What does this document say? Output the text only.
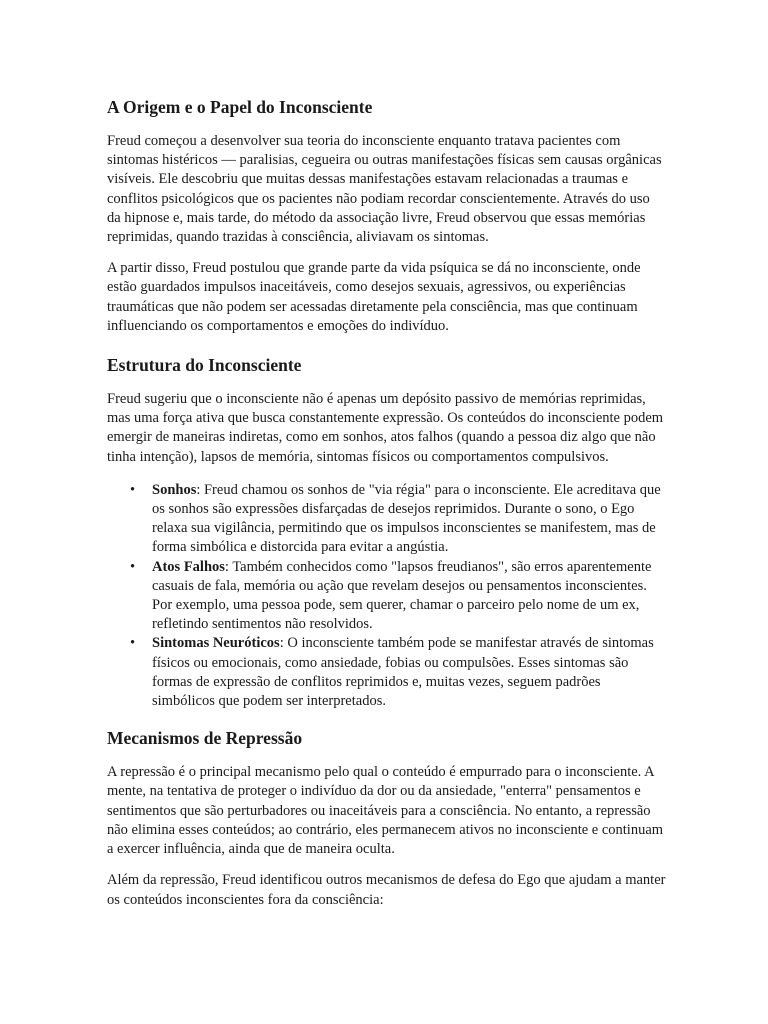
A Origem e o Papel do Inconsciente

Freud começou a desenvolver sua teoria do inconsciente enquanto tratava pacientes com sintomas histéricos — paralisias, cegueira ou outras manifestações físicas sem causas orgânicas visíveis. Ele descobriu que muitas dessas manifestações estavam relacionadas a traumas e conflitos psicológicos que os pacientes não podiam recordar conscientemente. Através do uso da hipnose e, mais tarde, do método da associação livre, Freud observou que essas memórias reprimidas, quando trazidas à consciência, aliviavam os sintomas.

A partir disso, Freud postulou que grande parte da vida psíquica se dá no inconsciente, onde estão guardados impulsos inaceitáveis, como desejos sexuais, agressivos, ou experiências traumáticas que não podem ser acessadas diretamente pela consciência, mas que continuam influenciando os comportamentos e emoções do indivíduo.

Estrutura do Inconsciente

Freud sugeriu que o inconsciente não é apenas um depósito passivo de memórias reprimidas, mas uma força ativa que busca constantemente expressão. Os conteúdos do inconsciente podem emergir de maneiras indiretas, como em sonhos, atos falhos (quando a pessoa diz algo que não tinha intenção), lapsos de memória, sintomas físicos ou comportamentos compulsivos.

• Sonhos: Freud chamou os sonhos de "via régia" para o inconsciente. Ele acreditava que os sonhos são expressões disfarçadas de desejos reprimidos. Durante o sono, o Ego relaxa sua vigilância, permitindo que os impulsos inconscientes se manifestem, mas de forma simbólica e distorcida para evitar a angústia.
• Atos Falhos: Também conhecidos como "lapsos freudianos", são erros aparentemente casuais de fala, memória ou ação que revelam desejos ou pensamentos inconscientes. Por exemplo, uma pessoa pode, sem querer, chamar o parceiro pelo nome de um ex, refletindo sentimentos não resolvidos.
• Sintomas Neuróticos: O inconsciente também pode se manifestar através de sintomas físicos ou emocionais, como ansiedade, fobias ou compulsões. Esses sintomas são formas de expressão de conflitos reprimidos e, muitas vezes, seguem padrões simbólicos que podem ser interpretados.
Mecanismos de Repressão

A repressão é o principal mecanismo pelo qual o conteúdo é empurrado para o inconsciente. A mente, na tentativa de proteger o indivíduo da dor ou da ansiedade, "enterra" pensamentos e sentimentos que são perturbadores ou inaceitáveis para a consciência. No entanto, a repressão não elimina esses conteúdos; ao contrário, eles permanecem ativos no inconsciente e continuam a exercer influência, ainda que de maneira oculta.

Além da repressão, Freud identificou outros mecanismos de defesa do Ego que ajudam a manter os conteúdos inconscientes fora da consciência:
